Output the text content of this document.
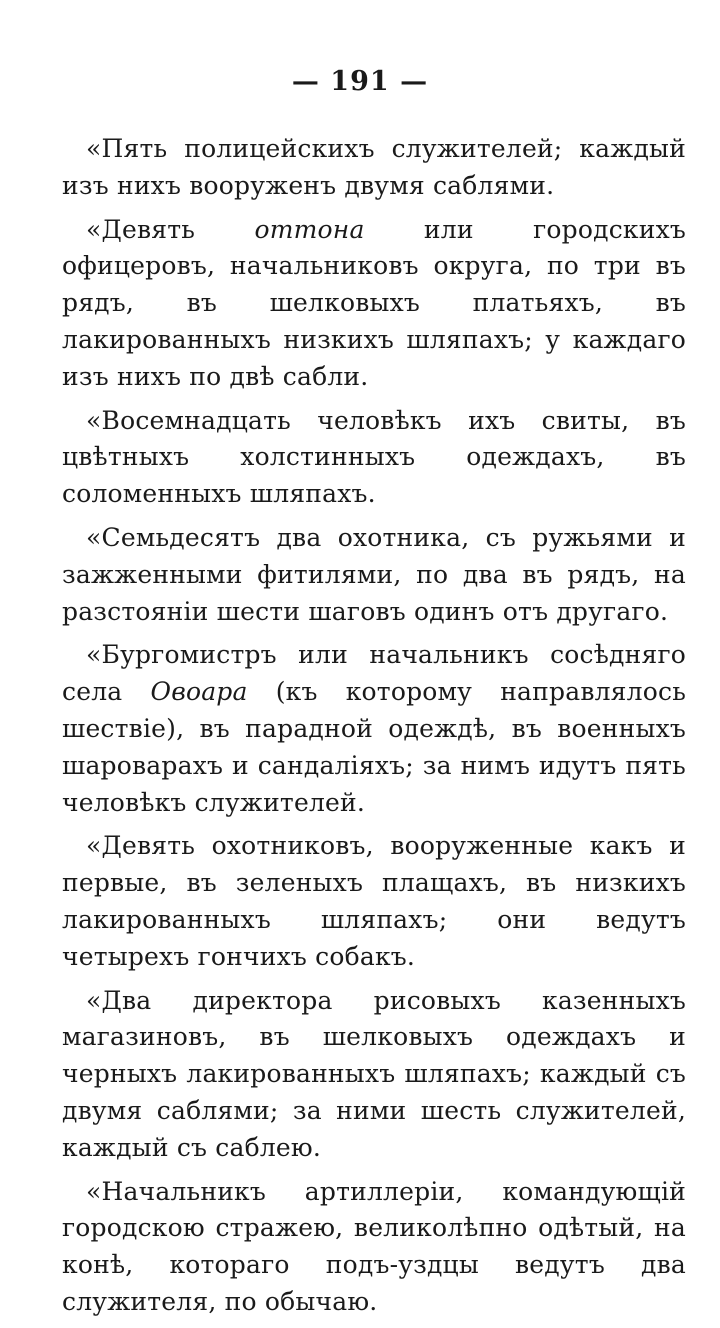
— 191 —

«Пять полицейскихъ служителей; каждый изъ нихъ вооруженъ двумя саблями.

«Девять оттона или городскихъ офицеровъ, начальниковъ округа, по три въ рядъ, въ шелковыхъ платьяхъ, въ лакированныхъ низкихъ шляпахъ; у каждаго изъ нихъ по двѣ сабли.

«Восемнадцать человѣкъ ихъ свиты, въ цвѣтныхъ холстинныхъ одеждахъ, въ соломенныхъ шляпахъ.

«Семьдесятъ два охотника, съ ружьями и зажженными фитилями, по два въ рядъ, на разстояніи шести шаговъ одинъ отъ другаго.

«Бургомистръ или начальникъ сосѣдняго села Овоара (къ которому направлялось шествіе), въ парадной одеждѣ, въ военныхъ шароварахъ и сандаліяхъ; за нимъ идутъ пять человѣкъ служителей.

«Девять охотниковъ, вооруженные какъ и первые, въ зеленыхъ плащахъ, въ низкихъ лакированныхъ шляпахъ; они ведутъ четырехъ гончихъ собакъ.

«Два директора рисовыхъ казенныхъ магазиновъ, въ шелковыхъ одеждахъ и черныхъ лакированныхъ шляпахъ; каждый съ двумя саблями; за ними шесть служителей, каждый съ саблею.

«Начальникъ артиллеріи, командующій городскою стражею, великолѣпно одѣтый, на конѣ, котораго подъ-уздцы ведутъ два служителя, по обычаю.
